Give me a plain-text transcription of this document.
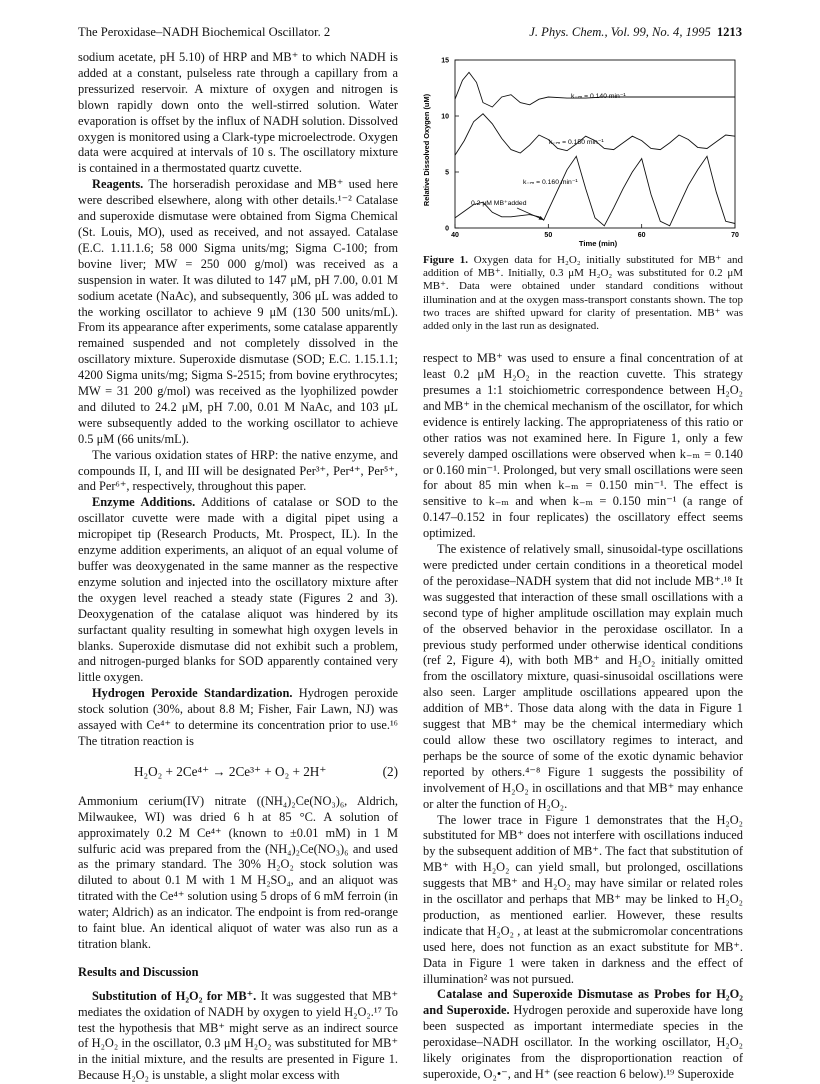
The Peroxidase–NADH Biochemical Oscillator. 2	J. Phys. Chem., Vol. 99, No. 4, 1995 1213

sodium acetate, pH 5.10) of HRP and MB⁺ to which NADH is added at a constant, pulseless rate through a capillary from a pressurized reservoir. A mixture of oxygen and nitrogen is blown rapidly down onto the well-stirred solution. Water evaporation is offset by the influx of NADH solution. Dissolved oxygen is monitored using a Clark-type microelectrode. Oxygen data were acquired at intervals of 10 s. The oscillatory mixture is contained in a thermostated quartz cuvette.

Reagents. The horseradish peroxidase and MB⁺ used here were described elsewhere, along with other details.¹⁻² Catalase and superoxide dismutase were obtained from Sigma Chemical (St. Louis, MO), used as received, and not assayed. Catalase (E.C. 1.11.1.6; 58 000 Sigma units/mg; Sigma C-100; from bovine liver; MW = 250 000 g/mol) was received as a suspension in water. It was diluted to 147 μM, pH 7.00, 0.01 M sodium acetate (NaAc), and subsequently, 306 μL was added to the working oscillator to achieve 9 μM (130 500 units/mL). From its appearance after experiments, some catalase apparently remained suspended and not completely dissolved in the oscillatory mixture. Superoxide dismutase (SOD; E.C. 1.15.1.1; 4200 Sigma units/mg; Sigma S-2515; from bovine erythrocytes; MW = 31 200 g/mol) was received as the lyophilized powder and diluted to 24.2 μM, pH 7.00, 0.01 M NaAc, and 103 μL were subsequently added to the working oscillator to achieve 0.5 μM (66 units/mL).

The various oxidation states of HRP: the native enzyme, and compounds II, I, and III will be designated Per³⁺, Per⁴⁺, Per⁵⁺, and Per⁶⁺, respectively, throughout this paper.

Enzyme Additions. Additions of catalase or SOD to the oscillator cuvette were made with a digital pipet using a micropipet tip (Research Products, Mt. Prospect, IL). In the enzyme addition experiments, an aliquot of an equal volume of buffer was deoxygenated in the same manner as the respective enzyme solution and injected into the oscillatory mixture after the oxygen level reached a steady state (Figures 2 and 3). Deoxygenation of the catalase aliquot was hindered by its surfactant quality resulting in somewhat high oxygen levels in blanks. Superoxide dismutase did not exhibit such a problem, and nitrogen-purged blanks for SOD apparently contained very little oxygen.

Hydrogen Peroxide Standardization. Hydrogen peroxide stock solution (30%, about 8.8 M; Fisher, Fair Lawn, NJ) was assayed with Ce⁴⁺ to determine its concentration prior to use.¹⁶ The titration reaction is

H₂O₂ + 2Ce⁴⁺ → 2Ce³⁺ + O₂ + 2H⁺	(2)

Ammonium cerium(IV) nitrate ((NH₄)₂Ce(NO₃)₆, Aldrich, Milwaukee, WI) was dried 6 h at 85 °C. A solution of approximately 0.2 M Ce⁴⁺ (known to ±0.01 mM) in 1 M sulfuric acid was prepared from the (NH₄)₂Ce(NO₃)₆ and used as the primary standard. The 30% H₂O₂ stock solution was diluted to about 0.1 M with 1 M H₂SO₄, and an aliquot was titrated with the Ce⁴⁺ solution using 5 drops of 6 mM ferroin (in water; Aldrich) as an indicator. The endpoint is from red-orange to faint blue. An identical aliquot of water was also run as a titration blank.

Results and Discussion

Substitution of H₂O₂ for MB⁺. It was suggested that MB⁺ mediates the oxidation of NADH by oxygen to yield H₂O₂.¹⁷ To test the hypothesis that MB⁺ might serve as an indirect source of H₂O₂ in the oscillator, 0.3 μM H₂O₂ was substituted for MB⁺ in the initial mixture, and the results are presented in Figure 1. Because H₂O₂ is unstable, a slight molar excess with

15
10
5
0
70
60
50
40
Relative Dissolved Oxygen (uM)
Time (min)
k₋ₘ = 0.140 min⁻¹
k₋ₘ = 0.150 min⁻¹
k₋ₘ = 0.160 min⁻¹
0.2 μM MB⁺added
Figure 1. Oxygen data for H₂O₂ initially substituted for MB⁺ and addition of MB⁺. Initially, 0.3 μM H₂O₂ was substituted for 0.2 μM MB⁺. Data were obtained under standard conditions without illumination and at the oxygen mass-transport constants shown. The top two traces are shifted upward for clarity of presentation. MB⁺ was added only in the last run as designated.

respect to MB⁺ was used to ensure a final concentration of at least 0.2 μM H₂O₂ in the reaction cuvette. This strategy presumes a 1:1 stoichiometric correspondence between H₂O₂ and MB⁺ in the chemical mechanism of the oscillator, for which evidence is entirely lacking. The appropriateness of this ratio or other ratios was not examined here. In Figure 1, only a few severely damped oscillations were observed when k₋ₘ = 0.140 or 0.160 min⁻¹. Prolonged, but very small oscillations were seen for about 85 min when k₋ₘ = 0.150 min⁻¹. The effect is sensitive to k₋ₘ and when k₋ₘ = 0.150 min⁻¹ (a range of 0.147–0.152 in four replicates) the oscillatory effect seems optimized.

The existence of relatively small, sinusoidal-type oscillations were predicted under certain conditions in a theoretical model of the peroxidase–NADH system that did not include MB⁺.¹⁸ It was suggested that interaction of these small oscillations with a second type of higher amplitude oscillation may explain much of the observed behavior in the peroxidase oscillator. In a previous study performed under otherwise identical conditions (ref 2, Figure 4), with both MB⁺ and H₂O₂ initially omitted from the oscillatory mixture, quasi-sinusoidal oscillations were also seen. Larger amplitude oscillations appeared upon the addition of MB⁺. Those data along with the data in Figure 1 suggest that MB⁺ may be the chemical intermediary which could allow these two oscillatory regimes to interact, and perhaps be the source of some of the exotic dynamic behavior reported by others.⁴⁻⁸ Figure 1 suggests the possibility of involvement of H₂O₂ in oscillations and that MB⁺ may enhance or alter the function of H₂O₂.

The lower trace in Figure 1 demonstrates that the H₂O₂ substituted for MB⁺ does not interfere with oscillations induced by the subsequent addition of MB⁺. The fact that substitution of MB⁺ with H₂O₂ can yield small, but prolonged, oscillations suggests that MB⁺ and H₂O₂ may have similar or related roles in the oscillator and perhaps that MB⁺ may be linked to H₂O₂ production, as mentioned earlier. However, these results indicate that H₂O₂ , at least at the submicromolar concentrations used here, does not function as an exact substitute for MB⁺. Data in Figure 1 were taken in darkness and the effect of illumination² was not pursued.

Catalase and Superoxide Dismutase as Probes for H₂O₂ and Superoxide. Hydrogen peroxide and superoxide have long been suspected as important intermediate species in the peroxidase–NADH oscillator. In the working oscillator, H₂O₂ likely originates from the disproportionation reaction of superoxide, O₂•⁻, and H⁺ (see reaction 6 below).¹⁹ Superoxide
